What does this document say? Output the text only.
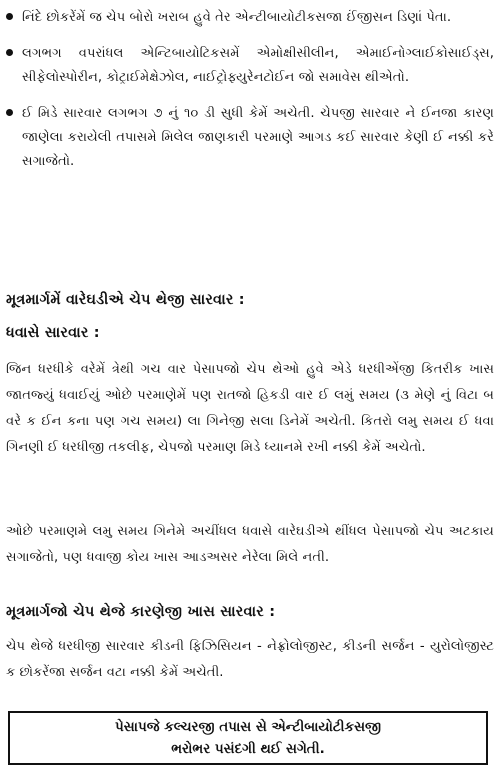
નિંદે છોકરેંમેં જ ચેપ બોરો ખરાબ હુવે તેર એન્ટીબાયોટીકસજા ઈંજીસન ડિણાં પેતા.
લગભગ વપરાંધલ એન્ટિબાયોટિકસમેં એમોક્ષીસીલીન, એમાઈનોગ્લાઈકોસાઈડ્સ, સીફેલોસ્પોરીન, કોટ્રાઈમેક્ષેઝોલ, નાઈટ્રોફ્યુરેનટોઈન જો સમાવેસ થીએતો.
ઈ મિડે સારવાર લગભગ ૭ નું ૧૦ ડી સુધી કેમેં અચેતી. ચેપજી સારવાર ને ઈનજા કારણ જાણેલા કરાયેલી તપાસમે મિલેલ જાણકારી પરમાણે આગડ કઈ સારવાર કેણી ઈ નક્કી કરે સગાજેતો.
મૂત્રમાર્ગમેં વારેઘડીએ ચેપ થેજી સારવાર :
ધવાસે સારવાર :

જિન ધરધીકે વરેમેં ત્રેથી ગચ વાર પેસાપજો ચેપ થેઓ હુવે એડે ધરધીએંજી કિતરીક ખાસ જાતજ્યું ધવાઈયું ઓછે પરમાણેમેં પણ રાતજો હિકડી વાર ઈ લમું સમય (૩ મેણે નું વિટા બ વરે ક ઈન કના પણ ગચ સમય) લા ગિનેજી સલા ડિનેમેં અચેતી. કિતરો લમુ સમય ઈ ધવા ગિનણી ઈ ધરધીજી તકલીફ, ચેપજો પરમાણ મિડે ધ્યાનમે રખી નક્કી કેમેં અચેતો.

ઓછે પરમાણમે લમુ સમય ગિનેમે અચીંધલ ધવાસે વારેઘડીએ થીંધલ પેસાપજો ચેપ અટકાય સગાજેતો, પણ ધવાજી કોય ખાસ આડઅસર નેરેલા મિલે નતી.

મૂત્રમાર્ગજો ચેપ થેજે કારણેજી ખાસ સારવાર :

ચેપ થેજે ધરધીજી સારવાર કીડની ફિઝિસિયન - નેફ્રોલોજીસ્ટ, કીડની સર્જન - યુરોલોજીસ્ટ ક છોકરેંજા સર્જન વટા નક્કી કેમેં અચેતી.

પેસાપજે કલ્ચરજી તપાસ સે એન્ટીબાયોટીકસજી
ભરોભર પસંદગી થઈ સગેતી.
